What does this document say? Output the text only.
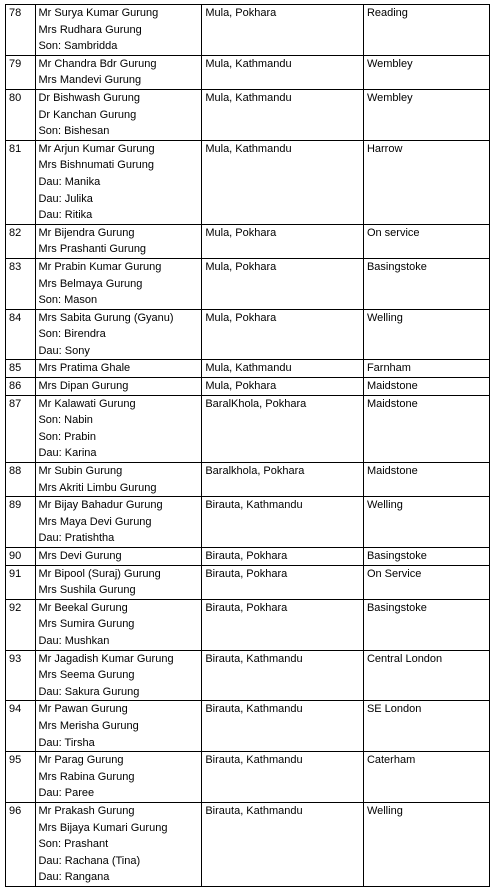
78	Mr Surya Kumar Gurung
Mrs Rudhara Gurung
Son: Sambridda	Mula, Pokhara	Reading
79	Mr Chandra Bdr Gurung
Mrs Mandevi Gurung	Mula, Kathmandu	Wembley
80	Dr Bishwash Gurung
Dr Kanchan Gurung
Son: Bishesan	Mula, Kathmandu	Wembley
81	Mr Arjun Kumar Gurung
Mrs Bishnumati Gurung
Dau: Manika
Dau: Julika
Dau: Ritika	Mula, Kathmandu	Harrow
82	Mr Bijendra Gurung
Mrs Prashanti Gurung	Mula, Pokhara	On service
83	Mr Prabin Kumar Gurung
Mrs Belmaya Gurung
Son: Mason	Mula, Pokhara	Basingstoke
84	Mrs Sabita Gurung (Gyanu)
Son: Birendra
Dau: Sony	Mula, Pokhara	Welling
85	Mrs Pratima Ghale	Mula, Kathmandu	Farnham
86	Mrs Dipan Gurung	Mula, Pokhara	Maidstone
87	Mr Kalawati Gurung
Son: Nabin
Son: Prabin
Dau: Karina	BaralKhola, Pokhara	Maidstone
88	Mr Subin Gurung
Mrs Akriti Limbu Gurung	Baralkhola, Pokhara	Maidstone
89	Mr Bijay Bahadur Gurung
Mrs Maya Devi Gurung
Dau: Pratishtha	Birauta, Kathmandu	Welling
90	Mrs Devi Gurung	Birauta, Pokhara	Basingstoke
91	Mr Bipool (Suraj) Gurung
Mrs Sushila Gurung	Birauta, Pokhara	On Service
92	Mr Beekal Gurung
Mrs Sumira Gurung
Dau: Mushkan	Birauta, Pokhara	Basingstoke
93	Mr Jagadish Kumar Gurung
Mrs Seema Gurung
Dau: Sakura Gurung	Birauta, Kathmandu	Central London
94	Mr Pawan Gurung
Mrs Merisha Gurung
Dau: Tirsha	Birauta, Kathmandu	SE London
95	Mr Parag Gurung
Mrs Rabina Gurung
Dau: Paree	Birauta, Kathmandu	Caterham
96	Mr Prakash Gurung
Mrs Bijaya Kumari Gurung
Son: Prashant
Dau: Rachana (Tina)
Dau: Rangana	Birauta, Kathmandu	Welling
